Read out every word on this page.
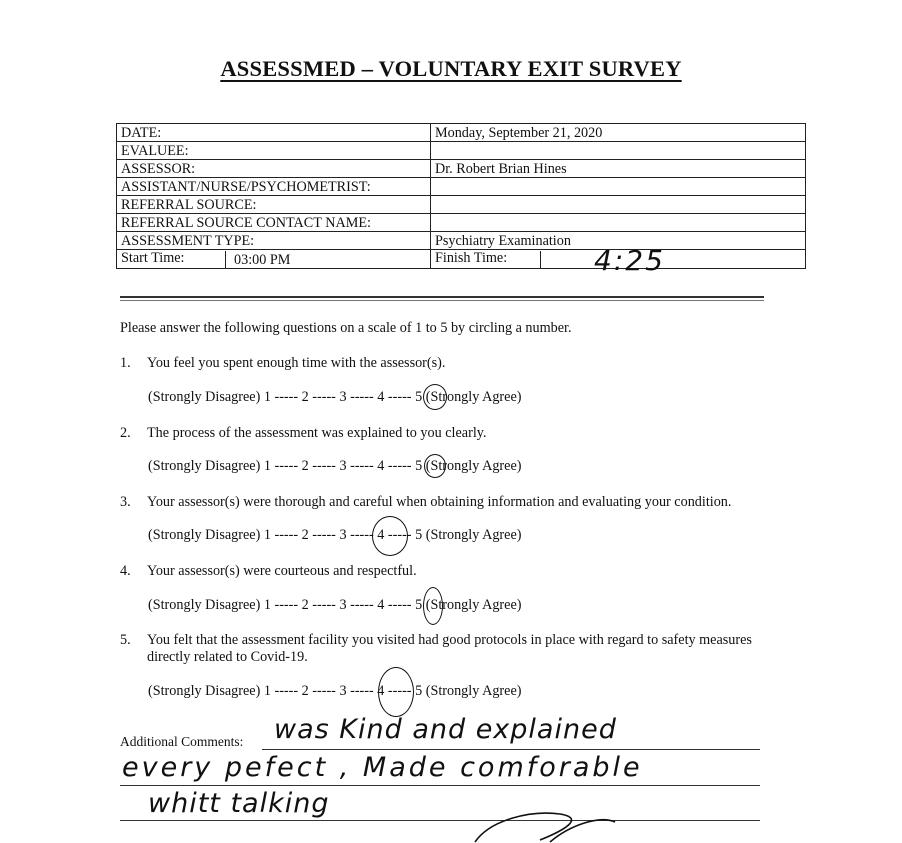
ASSESSMED – VOLUNTARY EXIT SURVEY
DATE:	Monday, September 21, 2020
EVALUEE:	
ASSESSOR:	Dr. Robert Brian Hines
ASSISTANT/NURSE/PSYCHOMETRIST:	
REFERRAL SOURCE:	
REFERRAL SOURCE CONTACT NAME:	
ASSESSMENT TYPE:	Psychiatry Examination

Start Time: 03:00 PM	Finish Time:	4:25
Please answer the following questions on a scale of 1 to 5 by circling a number.
1. You feel you spent enough time with the assessor(s).
(Strongly Disagree) 1 ----- 2 ----- 3 ----- 4 ----- 5 (Strongly Agree)
2. The process of the assessment was explained to you clearly.
(Strongly Disagree) 1 ----- 2 ----- 3 ----- 4 ----- 5 (Strongly Agree)
3. Your assessor(s) were thorough and careful when obtaining information and evaluating your condition.
(Strongly Disagree) 1 ----- 2 ----- 3 ----- 4 ----- 5 (Strongly Agree)
4. Your assessor(s) were courteous and respectful.
(Strongly Disagree) 1 ----- 2 ----- 3 ----- 4 ----- 5 (Strongly Agree)
5. You felt that the assessment facility you visited had good protocols in place with regard to safety measures
directly related to Covid-19.
(Strongly Disagree) 1 ----- 2 ----- 3 ----- 4 ----- 5 (Strongly Agree)
Additional Comments: was Kind and explained
every pefect , Made comforable
whitt talking
